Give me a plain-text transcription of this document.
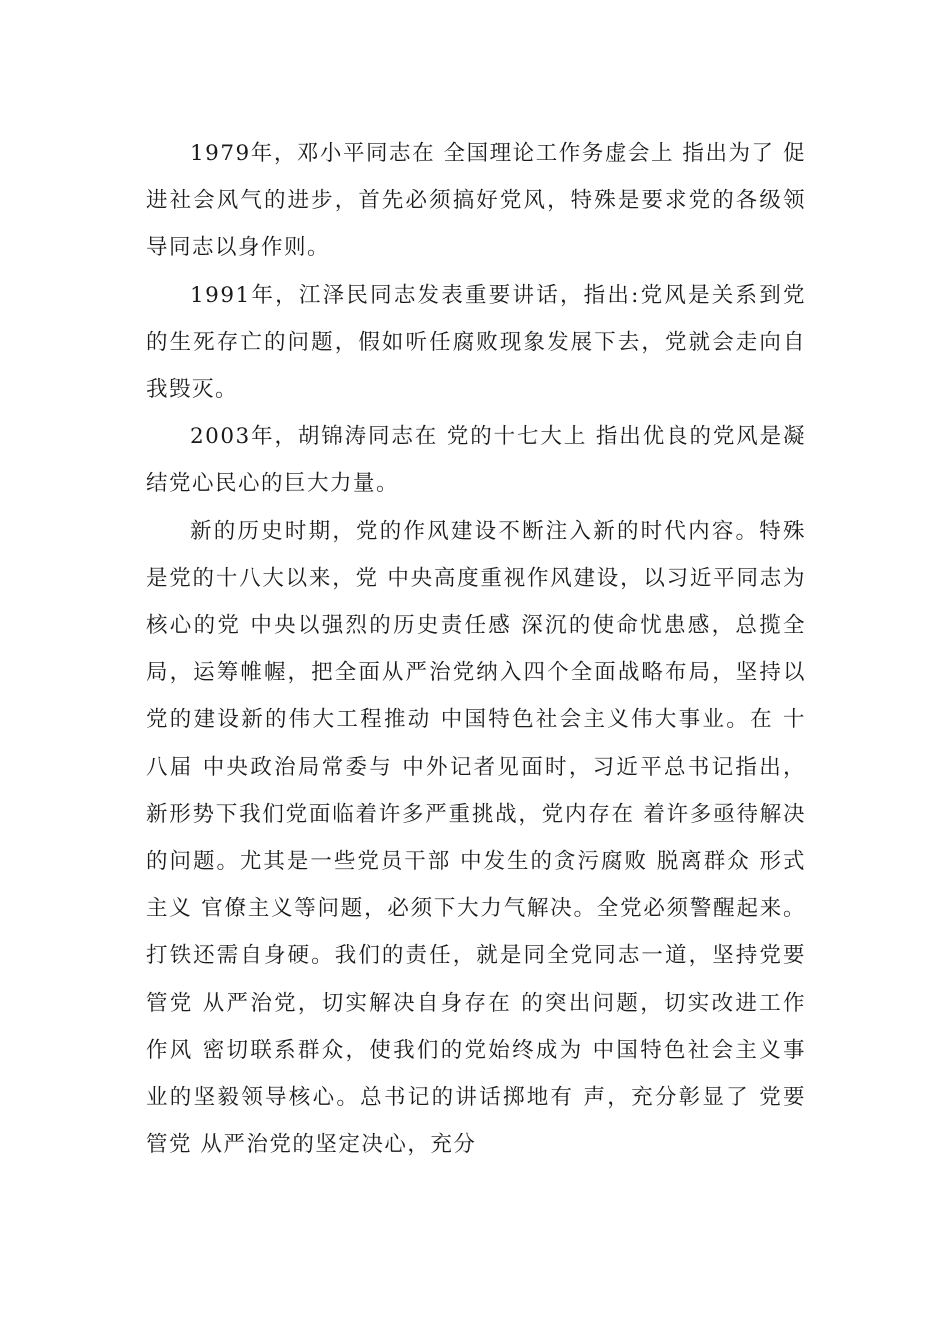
1979年，邓小平同志在 全国理论工作务虚会上 指出为了 促进社会风气的进步，首先必须搞好党风，特殊是要求党的各级领导同志以身作则。

1991年，江泽民同志发表重要讲话，指出:党风是关系到党的生死存亡的问题，假如听任腐败现象发展下去，党就会走向自我毁灭。

2003年，胡锦涛同志在 党的十七大上 指出优良的党风是凝结党心民心的巨大力量。

新的历史时期，党的作风建设不断注入新的时代内容。特殊是党的十八大以来，党 中央高度重视作风建设，以习近平同志为核心的党 中央以强烈的历史责任感 深沉的使命忧患感，总揽全局，运筹帷幄，把全面从严治党纳入四个全面战略布局，坚持以党的建设新的伟大工程推动 中国特色社会主义伟大事业。在 十八届 中央政治局常委与 中外记者见面时，习近平总书记指出，新形势下我们党面临着许多严重挑战，党内存在 着许多亟待解决的问题。尤其是一些党员干部 中发生的贪污腐败 脱离群众 形式主义 官僚主义等问题，必须下大力气解决。全党必须警醒起来。打铁还需自身硬。我们的责任，就是同全党同志一道，坚持党要管党 从严治党，切实解决自身存在 的突出问题，切实改进工作作风 密切联系群众，使我们的党始终成为 中国特色社会主义事业的坚毅领导核心。总书记的讲话掷地有 声，充分彰显了 党要管党 从严治党的坚定决心，充分
